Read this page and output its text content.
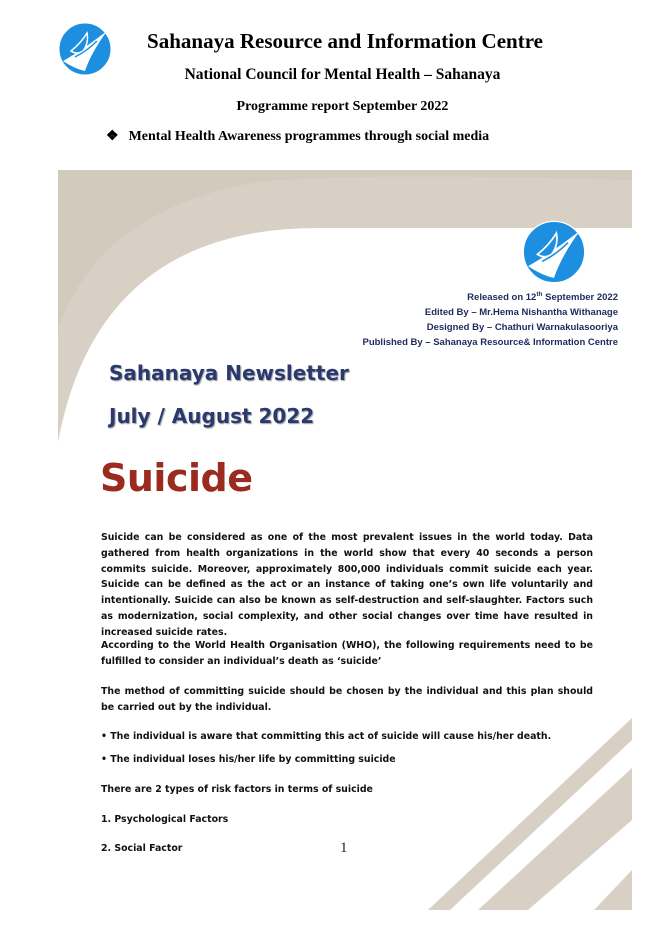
Sahanaya Resource and Information Centre
National Council for Mental Health – Sahanaya
Programme report September 2022
❖ Mental Health Awareness programmes through social media
Released on 12th September 2022
Edited By – Mr.Hema Nishantha Withanage
Designed By – Chathuri Warnakulasooriya
Published By – Sahanaya Resource& Information Centre
Sahanaya Newsletter
July / August 2022
Suicide
Suicide can be considered as one of the most prevalent issues in the world today. Data gathered from health organizations in the world show that every 40 seconds a person commits suicide. Moreover, approximately 800,000 individuals commit suicide each year. Suicide can be defined as the act or an instance of taking one’s own life voluntarily and intentionally. Suicide can also be known as self-destruction and self-slaughter. Factors such as modernization, social complexity, and other social changes over time have resulted in increased suicide rates.
According to the World Health Organisation (WHO), the following requirements need to be fulfilled to consider an individual’s death as ‘suicide’
The method of committing suicide should be chosen by the individual and this plan should be carried out by the individual.
• The individual is aware that committing this act of suicide will cause his/her death.
• The individual loses his/her life by committing suicide
There are 2 types of risk factors in terms of suicide
1. Psychological Factors
2. Social Factor	1
